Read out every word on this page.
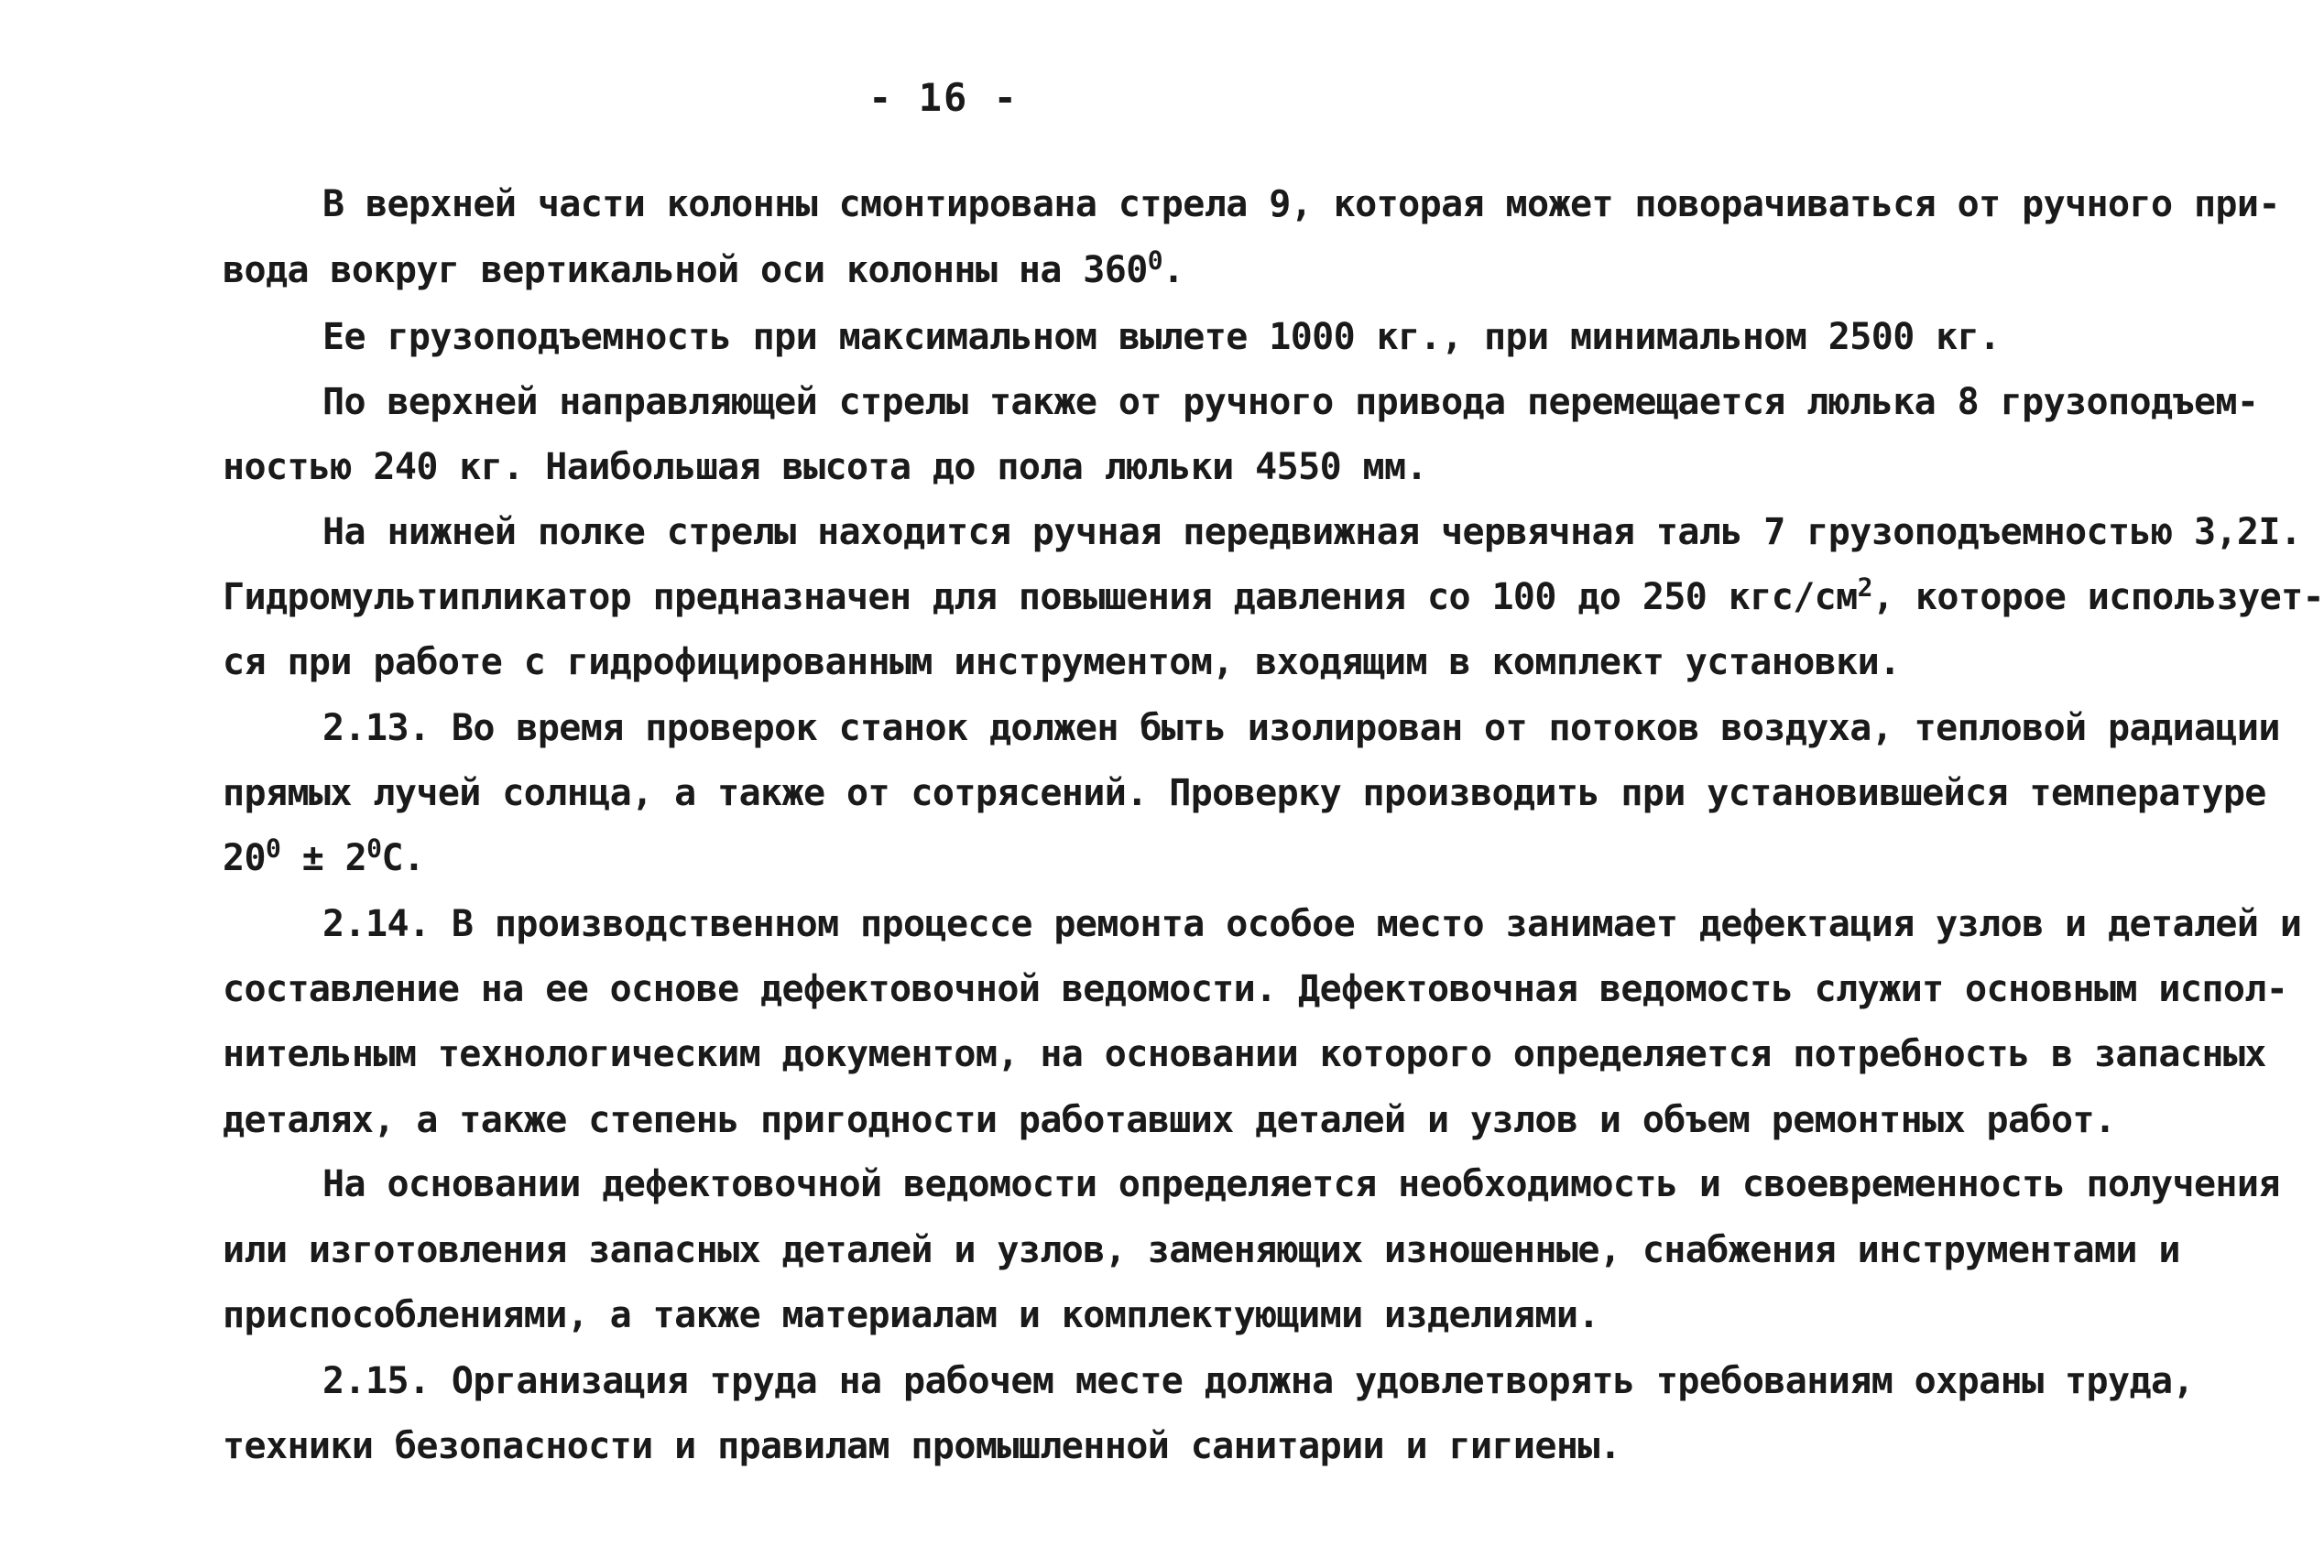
- 16 -
В верхней части колонны смонтирована стрела 9, которая может поворачиваться от ручного при-
вода вокруг вертикальной оси колонны на $360^0$.
Ее грузоподъемность при максимальном вылете 1000 кг., при минимальном 2500 кг.
По верхней направляющей стрелы также от ручного привода перемещается люлька 8 грузоподъем-
ностью 240 кг. Наибольшая высота до пола люльки 4550 мм.
На нижней полке стрелы находится ручная передвижная червячная таль 7 грузоподъемностью 3,2I.
Гидромультипликатор предназначен для повышения давления со 100 до 250 кгс/$см^2$, которое использует-
ся при работе с гидрофицированным инструментом, входящим в комплект установки.
2.13. Во время проверок станок должен быть изолирован от потоков воздуха, тепловой радиации
прямых лучей солнца, а также от сотрясений. Проверку производить при установившейся температуре
$20^0 \pm 2^0С$.
2.14. В производственном процессе ремонта особое место занимает дефектация узлов и деталей и
составление на ее основе дефектовочной ведомости. Дефектовочная ведомость служит основным испол-
нительным технологическим документом, на основании которого определяется потребность в запасных
деталях, а также степень пригодности работавших деталей и узлов и объем ремонтных работ.
На основании дефектовочной ведомости определяется необходимость и своевременность получения
или изготовления запасных деталей и узлов, заменяющих изношенные, снабжения инструментами и
приспособлениями, а также материалам и комплектующими изделиями.
2.15. Организация труда на рабочем месте должна удовлетворять требованиям охраны труда,
техники безопасности и правилам промышленной санитарии и гигиены.
